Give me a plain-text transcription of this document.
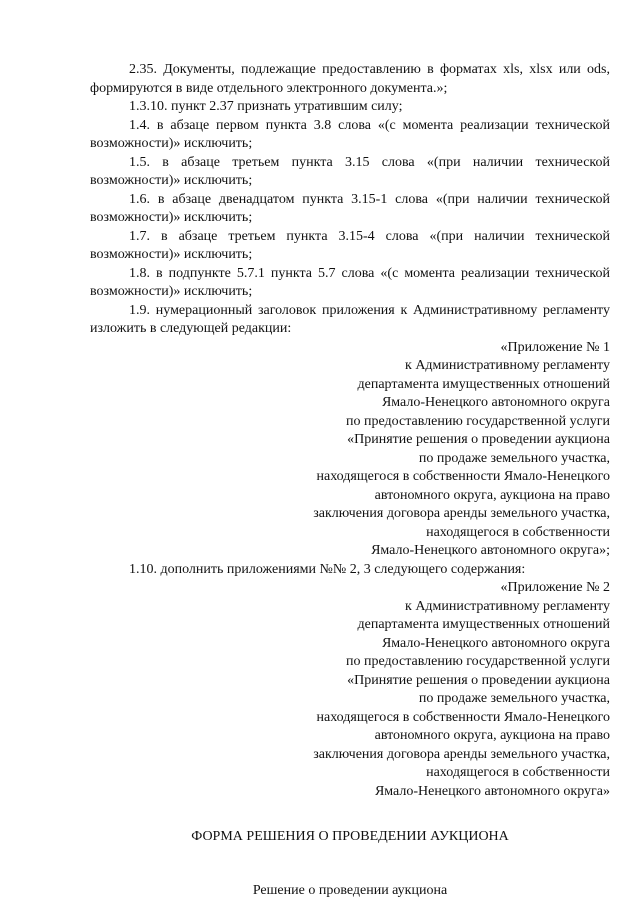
2.35. Документы, подлежащие предоставлению в форматах xls, xlsx или ods, формируются в виде отдельного электронного документа.»;

1.3.10. пункт 2.37 признать утратившим силу;

1.4. в абзаце первом пункта 3.8 слова «(с момента реализации технической возможности)» исключить;

1.5. в абзаце третьем пункта 3.15 слова «(при наличии технической возможности)» исключить;

1.6. в абзаце двенадцатом пункта 3.15-1 слова «(при наличии технической возможности)» исключить;

1.7. в абзаце третьем пункта 3.15-4 слова «(при наличии технической возможности)» исключить;

1.8. в подпункте 5.7.1 пункта 5.7 слова «(с момента реализации технической возможности)» исключить;

1.9. нумерационный заголовок приложения к Административному регламенту изложить в следующей редакции:

«Приложение № 1
к Административному регламенту
департамента имущественных отношений
Ямало-Ненецкого автономного округа
по предоставлению государственной услуги
«Принятие решения о проведении аукциона
по продаже земельного участка,
находящегося в собственности Ямало-Ненецкого
автономного округа, аукциона на право
заключения договора аренды земельного участка,
находящегося в собственности
Ямало-Ненецкого автономного округа»;

1.10. дополнить приложениями №№ 2, 3 следующего содержания:

«Приложение № 2
к Административному регламенту
департамента имущественных отношений
Ямало-Ненецкого автономного округа
по предоставлению государственной услуги
«Принятие решения о проведении аукциона
по продаже земельного участка,
находящегося в собственности Ямало-Ненецкого
автономного округа, аукциона на право
заключения договора аренды земельного участка,
находящегося в собственности
Ямало-Ненецкого автономного округа»
ФОРМА РЕШЕНИЯ О ПРОВЕДЕНИИ АУКЦИОНА
Решение о проведении аукциона
